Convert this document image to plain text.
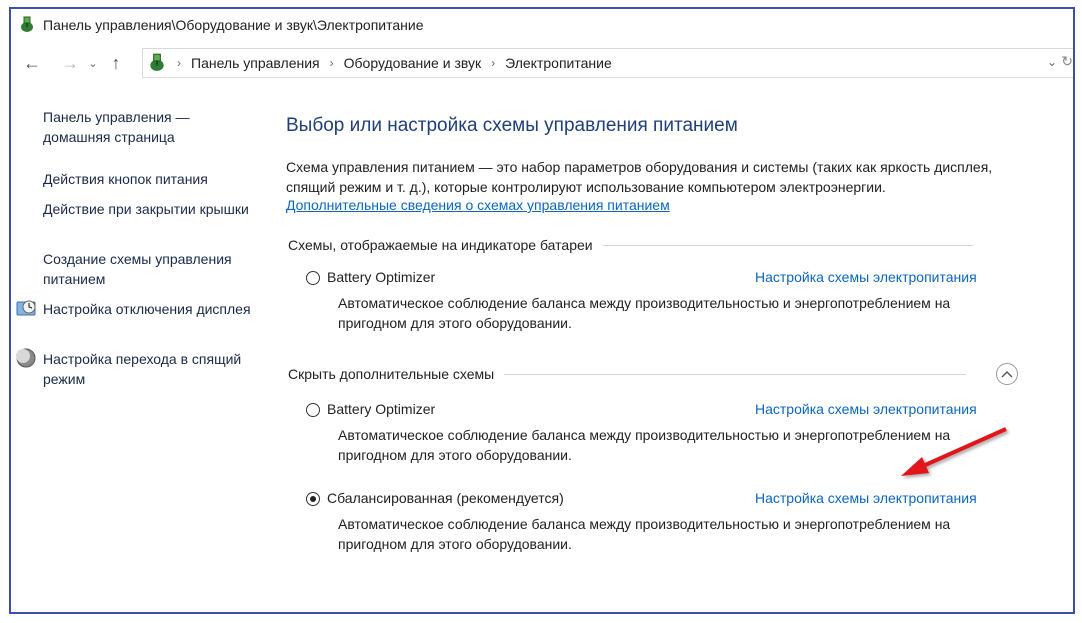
Панель управления\Оборудование и звук\Электропитание
← → ⌄ ↑	› Панель управления › Оборудование и звук › Электропитание	⌄ ↻
Панель управления — домашняя страница
Действия кнопок питания
Действие при закрытии крышки
Создание схемы управления питанием
Настройка отключения дисплея
Настройка перехода в спящий режим
Выбор или настройка схемы управления питанием
Схема управления питанием — это набор параметров оборудования и системы (таких как яркость дисплея, спящий режим и т. д.), которые контролируют использование компьютером электроэнергии.
Дополнительные сведения о схемах управления питанием
Схемы, отображаемые на индикаторе батареи
Battery Optimizer	Настройка схемы электропитания
Автоматическое соблюдение баланса между производительностью и энергопотреблением на пригодном для этого оборудовании.
Скрыть дополнительные схемы
Battery Optimizer	Настройка схемы электропитания
Автоматическое соблюдение баланса между производительностью и энергопотреблением на пригодном для этого оборудовании.
Сбалансированная (рекомендуется)	Настройка схемы электропитания
Автоматическое соблюдение баланса между производительностью и энергопотреблением на пригодном для этого оборудовании.
